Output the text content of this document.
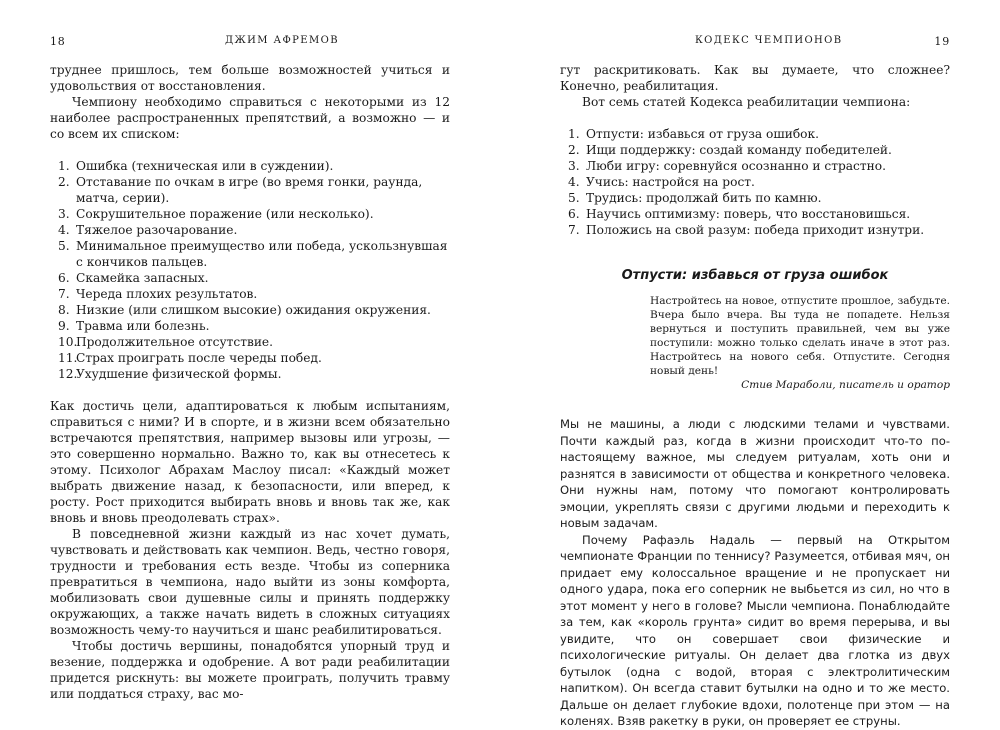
18	ДЖИМ АФРЕМОВ

труднее пришлось, тем больше возможностей учиться и удовольствия от восстановления.

Чемпиону необходимо справиться с некоторыми из 12 наиболее распространенных препятствий, а возможно — и со всем их списком:

1. Ошибка (техническая или в суждении).
2. Отставание по очкам в игре (во время гонки, раунда, матча, серии).
3. Сокрушительное поражение (или несколько).
4. Тяжелое разочарование.
5. Минимальное преимущество или победа, ускользнувшая с кончиков пальцев.
6. Скамейка запасных.
7. Череда плохих результатов.
8. Низкие (или слишком высокие) ожидания окружения.
9. Травма или болезнь.
10.
Продолжительное отсутствие.
11.
Страх проиграть после череды побед.
12.
Ухудшение физической формы.

Как достичь цели, адаптироваться к любым испытаниям, справиться с ними? И в спорте, и в жизни всем обязательно встречаются препятствия, например вызовы или угрозы, — это совершенно нормально. Важно то, как вы отнесетесь к этому. Психолог Абрахам Маслоу писал: «Каждый может выбрать движение назад, к безопасности, или вперед, к росту. Рост приходится выбирать вновь и вновь так же, как вновь и вновь преодолевать страх».

В повседневной жизни каждый из нас хочет думать, чувствовать и действовать как чемпион. Ведь, честно говоря, трудности и требования есть везде. Чтобы из соперника превратиться в чемпиона, надо выйти из зоны комфорта, мобилизовать свои душевные силы и принять поддержку окружающих, а также начать видеть в сложных ситуациях возможность чему-то научиться и шанс реабилитироваться.

Чтобы достичь вершины, понадобятся упорный труд и везение, поддержка и одобрение. А вот ради реабилитации придется рискнуть: вы можете проиграть, получить травму или поддаться страху, вас мо-

КОДЕКС ЧЕМПИОНОВ	19

гут раскритиковать. Как вы думаете, что сложнее? Конечно, реабилитация.

Вот семь статей Кодекса реабилитации чемпиона:

1. Отпусти: избавься от груза ошибок.
2. Ищи поддержку: создай команду победителей.
3. Люби игру: соревнуйся осознанно и страстно.
4. Учись: настройся на рост.
5. Трудись: продолжай бить по камню.
6. Научись оптимизму: поверь, что восстановишься.
7. Положись на свой разум: победа приходит изнутри.

Отпусти: избавься от груза ошибок

Настройтесь на новое, отпустите прошлое, забудьте. Вчера было вчера. Вы туда не попадете. Нельзя вернуться и поступить правильней, чем вы уже поступили: можно только сделать иначе в этот раз. Настройтесь на нового себя. Отпустите. Сегодня новый день!

Стив Мараболи, писатель и оратор

Мы не машины, а люди с людскими телами и чувствами. Почти каждый раз, когда в жизни происходит что-то по-настоящему важное, мы следуем ритуалам, хоть они и разнятся в зависимости от общества и конкретного человека. Они нужны нам, потому что помогают контролировать эмоции, укреплять связи с другими людьми и переходить к новым задачам.

Почему Рафаэль Надаль — первый на Открытом чемпионате Франции по теннису? Разумеется, отбивая мяч, он придает ему колоссальное вращение и не пропускает ни одного удара, пока его соперник не выбьется из сил, но что в этот момент у него в голове? Мысли чемпиона. Понаблюдайте за тем, как «король грунта» сидит во время перерыва, и вы увидите, что он совершает свои физические и психологические ритуалы. Он делает два глотка из двух бутылок (одна с водой, вторая с электролитическим напитком). Он всегда ставит бутылки на одно и то же место. Дальше он делает глубокие вдохи, полотенце при этом — на коленях. Взяв ракетку в руки, он проверяет ее струны.
